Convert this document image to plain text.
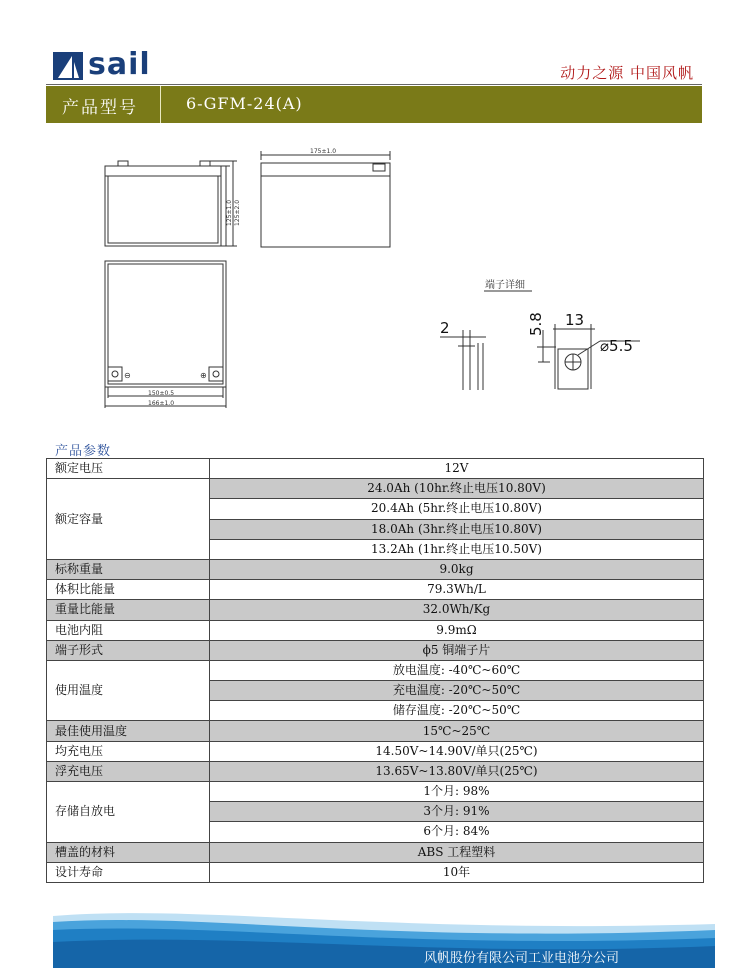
sail	动力之源 中国风帆
产品型号	6-GFM-24(A)
125±1.0 125±2.0
175±1.0
⊖	⊕
150±0.5
166±1.0
端子详细
2	5.8 13
⌀5.5
产品参数
额定电压	12V
额定容量	24.0Ah (10hr.终止电压10.80V)
	20.4Ah (5hr.终止电压10.80V)
	18.0Ah (3hr.终止电压10.80V)
	13.2Ah (1hr.终止电压10.50V)
标称重量	9.0kg
体积比能量	79.3Wh/L
重量比能量	32.0Wh/Kg
电池内阻	9.9mΩ
端子形式	ϕ5 铜端子片
使用温度	放电温度: -40℃~60℃
	充电温度: -20℃~50℃
	储存温度: -20℃~50℃
最佳使用温度	15℃~25℃
均充电压	14.50V~14.90V/单只(25℃)
浮充电压	13.65V~13.80V/单只(25℃)
存储自放电	1个月: 98%
	3个月: 91%
	6个月: 84%
槽盖的材料	ABS 工程塑料
设计寿命	10年
风帆股份有限公司工业电池分公司
